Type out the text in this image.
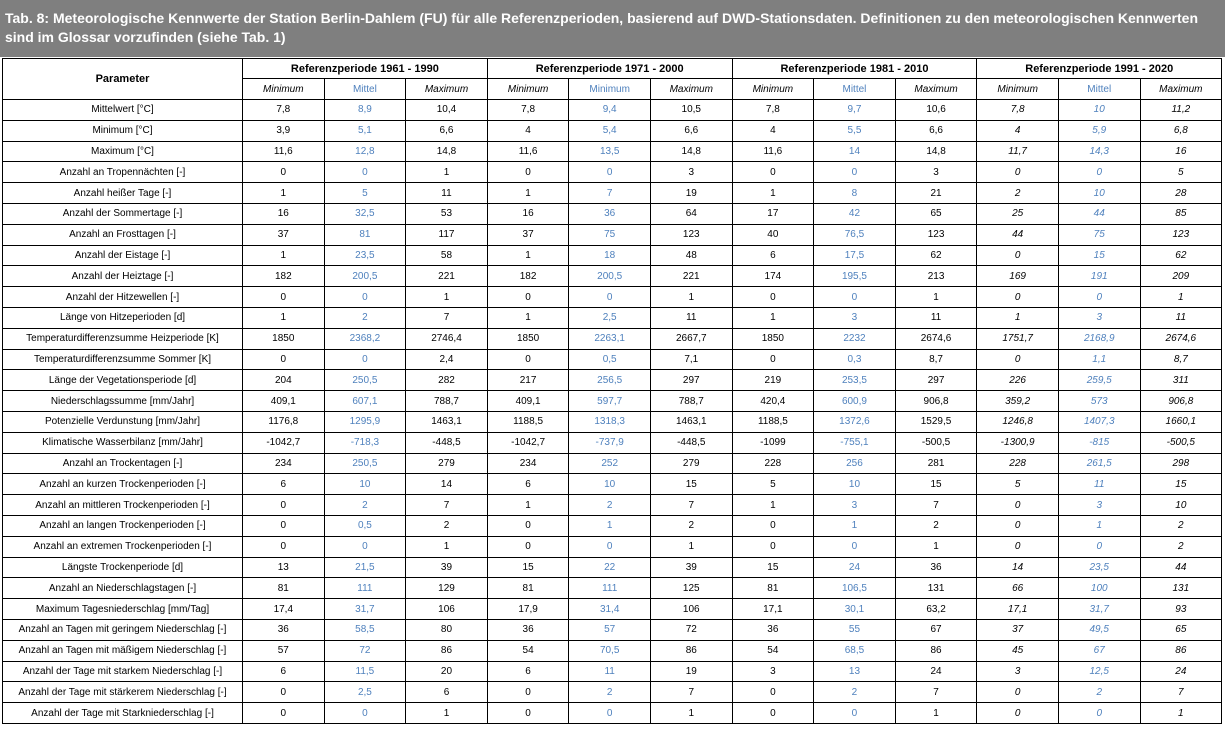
Tab. 8: Meteorologische Kennwerte der Station Berlin-Dahlem (FU) für alle Referenzperioden, basierend auf DWD-Stationsdaten. Definitionen zu den meteorologischen Kennwerten sind im Glossar vorzufinden (siehe Tab. 1)
Parameter	Referenzperiode 1961 - 1990			Referenzperiode 1971 - 2000			Referenzperiode 1981 - 2010			Referenzperiode 1991 - 2020		
	Minimum	Mittel	Maximum	Minimum	Minimum	Maximum	Minimum	Mittel	Maximum	Minimum	Mittel	Maximum
Mittelwert [°C]	7,8	8,9	10,4	7,8	9,4	10,5	7,8	9,7	10,6	7,8	10	11,2
Minimum [°C]	3,9	5,1	6,6	4	5,4	6,6	4	5,5	6,6	4	5,9	6,8
Maximum [°C]	11,6	12,8	14,8	11,6	13,5	14,8	11,6	14	14,8	11,7	14,3	16
Anzahl an Tropennächten [-]	0	0	1	0	0	3	0	0	3	0	0	5
Anzahl heißer Tage [-]	1	5	11	1	7	19	1	8	21	2	10	28
Anzahl der Sommertage [-]	16	32,5	53	16	36	64	17	42	65	25	44	85
Anzahl an Frosttagen [-]	37	81	117	37	75	123	40	76,5	123	44	75	123
Anzahl der Eistage [-]	1	23,5	58	1	18	48	6	17,5	62	0	15	62
Anzahl der Heiztage [-]	182	200,5	221	182	200,5	221	174	195,5	213	169	191	209
Anzahl der Hitzewellen [-]	0	0	1	0	0	1	0	0	1	0	0	1
Länge von Hitzeperioden [d]	1	2	7	1	2,5	11	1	3	11	1	3	11
Temperaturdifferenzsumme Heizperiode [K]	1850	2368,2	2746,4	1850	2263,1	2667,7	1850	2232	2674,6	1751,7	2168,9	2674,6
Temperaturdifferenzsumme Sommer [K]	0	0	2,4	0	0,5	7,1	0	0,3	8,7	0	1,1	8,7
Länge der Vegetationsperiode [d]	204	250,5	282	217	256,5	297	219	253,5	297	226	259,5	311
Niederschlagssumme [mm/Jahr]	409,1	607,1	788,7	409,1	597,7	788,7	420,4	600,9	906,8	359,2	573	906,8
Potenzielle Verdunstung [mm/Jahr]	1176,8	1295,9	1463,1	1188,5	1318,3	1463,1	1188,5	1372,6	1529,5	1246,8	1407,3	1660,1
Klimatische Wasserbilanz [mm/Jahr]	-1042,7	-718,3	-448,5	-1042,7	-737,9	-448,5	-1099	-755,1	-500,5	-1300,9	-815	-500,5
Anzahl an Trockentagen [-]	234	250,5	279	234	252	279	228	256	281	228	261,5	298
Anzahl an kurzen Trockenperioden [-]	6	10	14	6	10	15	5	10	15	5	11	15
Anzahl an mittleren Trockenperioden [-]	0	2	7	1	2	7	1	3	7	0	3	10
Anzahl an langen Trockenperioden [-]	0	0,5	2	0	1	2	0	1	2	0	1	2
Anzahl an extremen Trockenperioden [-]	0	0	1	0	0	1	0	0	1	0	0	2
Längste Trockenperiode [d]	13	21,5	39	15	22	39	15	24	36	14	23,5	44
Anzahl an Niederschlagstagen [-]	81	111	129	81	111	125	81	106,5	131	66	100	131
Maximum Tagesniederschlag [mm/Tag]	17,4	31,7	106	17,9	31,4	106	17,1	30,1	63,2	17,1	31,7	93
Anzahl an Tagen mit geringem Niederschlag [-]	36	58,5	80	36	57	72	36	55	67	37	49,5	65
Anzahl an Tagen mit mäßigem Niederschlag [-]	57	72	86	54	70,5	86	54	68,5	86	45	67	86
Anzahl der Tage mit starkem Niederschlag [-]	6	11,5	20	6	11	19	3	13	24	3	12,5	24
Anzahl der Tage mit stärkerem Niederschlag [-]	0	2,5	6	0	2	7	0	2	7	0	2	7
Anzahl der Tage mit Starkniederschlag [-]	0	0	1	0	0	1	0	0	1	0	0	1
